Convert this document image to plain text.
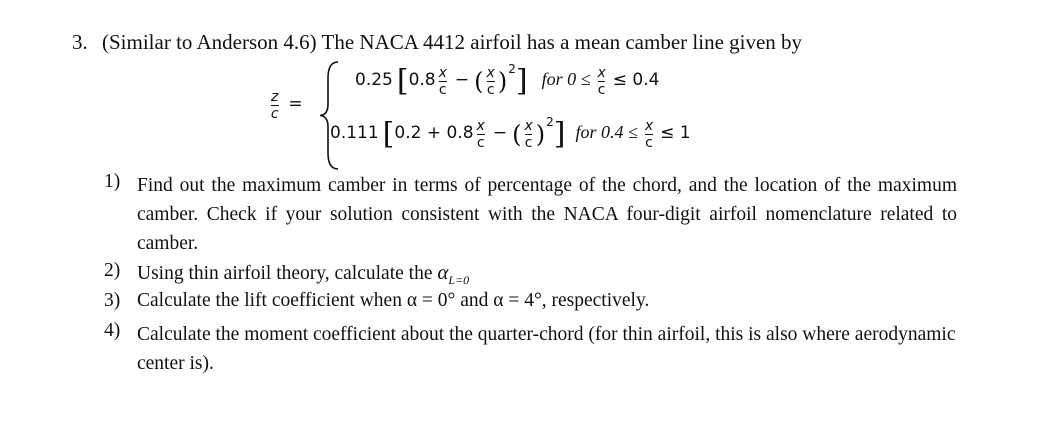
3. (Similar to Anderson 4.6) The NACA 4412 airfoil has a mean camber line given by
$\frac{z}{c}$ =
0.25 [$0.8 \frac{x}{c}$ − ( $\frac{x}{c} )^2$] for $0 \le \frac{x}{c} \le 0.4$
0.111 [$0.2 + 0.8 \frac{x}{c}$ − ( $\frac{x}{c} )^2$] for $0.4 \le \frac{x}{c} \le 1$
1) Find out the maximum camber in terms of percentage of the chord, and the location of the maximum camber. Check if your solution consistent with the NACA four-digit airfoil nomenclature related to camber.
2) Using thin airfoil theory, calculate the $\alpha_{L=0}$
3) Calculate the lift coefficient when α = 0° and α = 4°, respectively.
4) Calculate the moment coefficient about the quarter-chord (for thin airfoil, this is also where aerodynamic center is).
